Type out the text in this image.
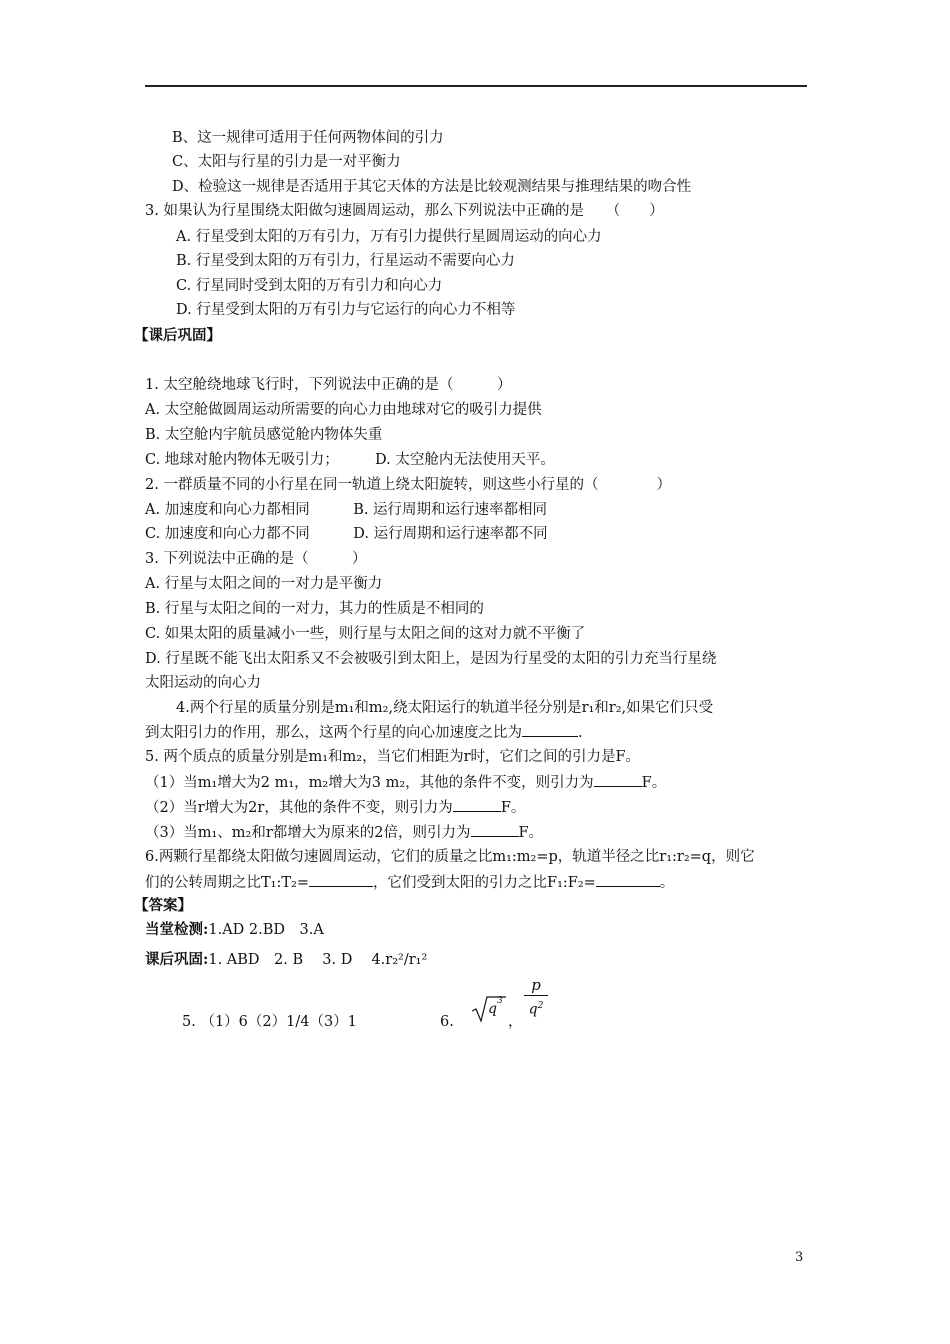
B、这一规律可适用于任何两物体间的引力
C、太阳与行星的引力是一对平衡力
D、检验这一规律是否适用于其它天体的方法是比较观测结果与推理结果的吻合性
3. 如果认为行星围绕太阳做匀速圆周运动，那么下列说法中正确的是　　（　　）
A. 行星受到太阳的万有引力，万有引力提供行星圆周运动的向心力
B. 行星受到太阳的万有引力，行星运动不需要向心力
C. 行星同时受到太阳的万有引力和向心力
D. 行星受到太阳的万有引力与它运行的向心力不相等
【课后巩固】
1. 太空舱绕地球飞行时，下列说法中正确的是（　　　）
A. 太空舱做圆周运动所需要的向心力由地球对它的吸引力提供
B. 太空舱内宇航员感觉舱内物体失重
C. 地球对舱内物体无吸引力；　　　D. 太空舱内无法使用天平。
2. 一群质量不同的小行星在同一轨道上绕太阳旋转，则这些小行星的（　　　　）
A. 加速度和向心力都相同　　　B. 运行周期和运行速率都相同
C. 加速度和向心力都不同　　　D. 运行周期和运行速率都不同
3. 下列说法中正确的是（　　　）
A. 行星与太阳之间的一对力是平衡力
B. 行星与太阳之间的一对力，其力的性质是不相同的
C. 如果太阳的质量减小一些，则行星与太阳之间的这对力就不平衡了
D. 行星既不能飞出太阳系又不会被吸引到太阳上，是因为行星受的太阳的引力充当行星绕
太阳运动的向心力
4.两个行星的质量分别是m₁和m₂,绕太阳运行的轨道半径分别是r₁和r₂,如果它们只受
到太阳引力的作用，那么，这两个行星的向心加速度之比为	.
5. 两个质点的质量分别是m₁和m₂，当它们相距为r时，它们之间的引力是F。
（1）当m₁增大为2 m₁，m₂增大为3 m₂，其他的条件不变，则引力为	F。
（2）当r增大为2r，其他的条件不变，则引力为	F。
（3）当m₁、m₂和r都增大为原来的2倍，则引力为	F。
6.两颗行星都绕太阳做匀速圆周运动，它们的质量之比m₁:m₂=p，轨道半径之比r₁:r₂=q，则它
们的公转周期之比T₁:T₂=	，它们受到太阳的引力之比F₁:F₂=	。
【答案】
当堂检测:1.AD 2.BD　3.A
课后巩固:1. ABD　2. B　 3. D　 4.r₂²/r₁²
5. （1）6（2）1/4（3）1	6.
q 3
，
p
$q^2$
3
